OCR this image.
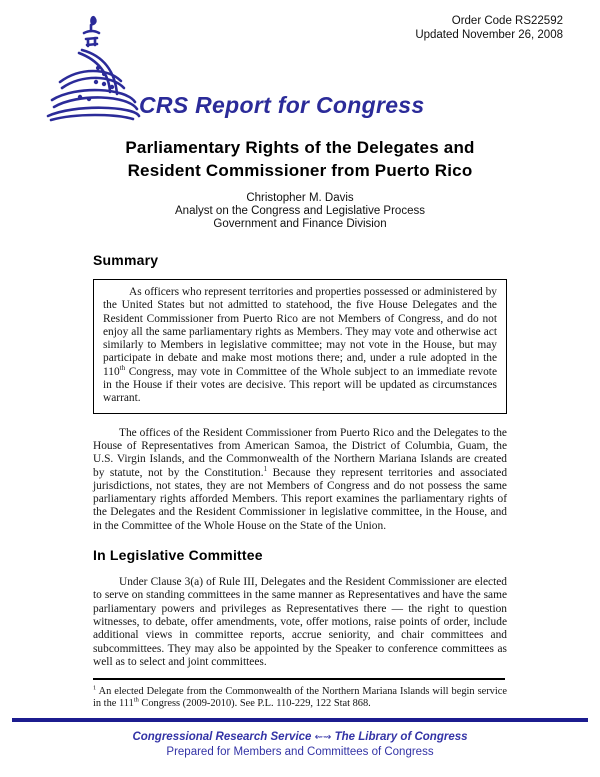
Order Code RS22592
Updated November 26, 2008
CRS Report for Congress
Parliamentary Rights of the Delegates and
Resident Commissioner from Puerto Rico
Christopher M. Davis
Analyst on the Congress and Legislative Process
Government and Finance Division
Summary

As officers who represent territories and properties possessed or administered by the United States but not admitted to statehood, the five House Delegates and the Resident Commissioner from Puerto Rico are not Members of Congress, and do not enjoy all the same parliamentary rights as Members. They may vote and otherwise act similarly to Members in legislative committee; may not vote in the House, but may participate in debate and make most motions there; and, under a rule adopted in the 110th Congress, may vote in Committee of the Whole subject to an immediate revote in the House if their votes are decisive. This report will be updated as circumstances warrant.

The offices of the Resident Commissioner from Puerto Rico and the Delegates to the House of Representatives from American Samoa, the District of Columbia, Guam, the U.S. Virgin Islands, and the Commonwealth of the Northern Mariana Islands are created by statute, not by the Constitution.$^1$ Because they represent territories and associated jurisdictions, not states, they are not Members of Congress and do not possess the same parliamentary rights afforded Members. This report examines the parliamentary rights of the Delegates and the Resident Commissioner in legislative committee, in the House, and in the Committee of the Whole House on the State of the Union.

In Legislative Committee

Under Clause 3(a) of Rule III, Delegates and the Resident Commissioner are elected to serve on standing committees in the same manner as Representatives and have the same parliamentary powers and privileges as Representatives there — the right to question witnesses, to debate, offer amendments, vote, offer motions, raise points of order, include additional views in committee reports, accrue seniority, and chair committees and subcommittees. They may also be appointed by the Speaker to conference committees as well as to select and joint committees.

$^1$ An elected Delegate from the Commonwealth of the Northern Mariana Islands will begin service in the 111th Congress (2009-2010). See P.L. 110-229, 122 Stat 868.

Congressional Research Service ⇜⇝ The Library of Congress
Prepared for Members and Committees of Congress
